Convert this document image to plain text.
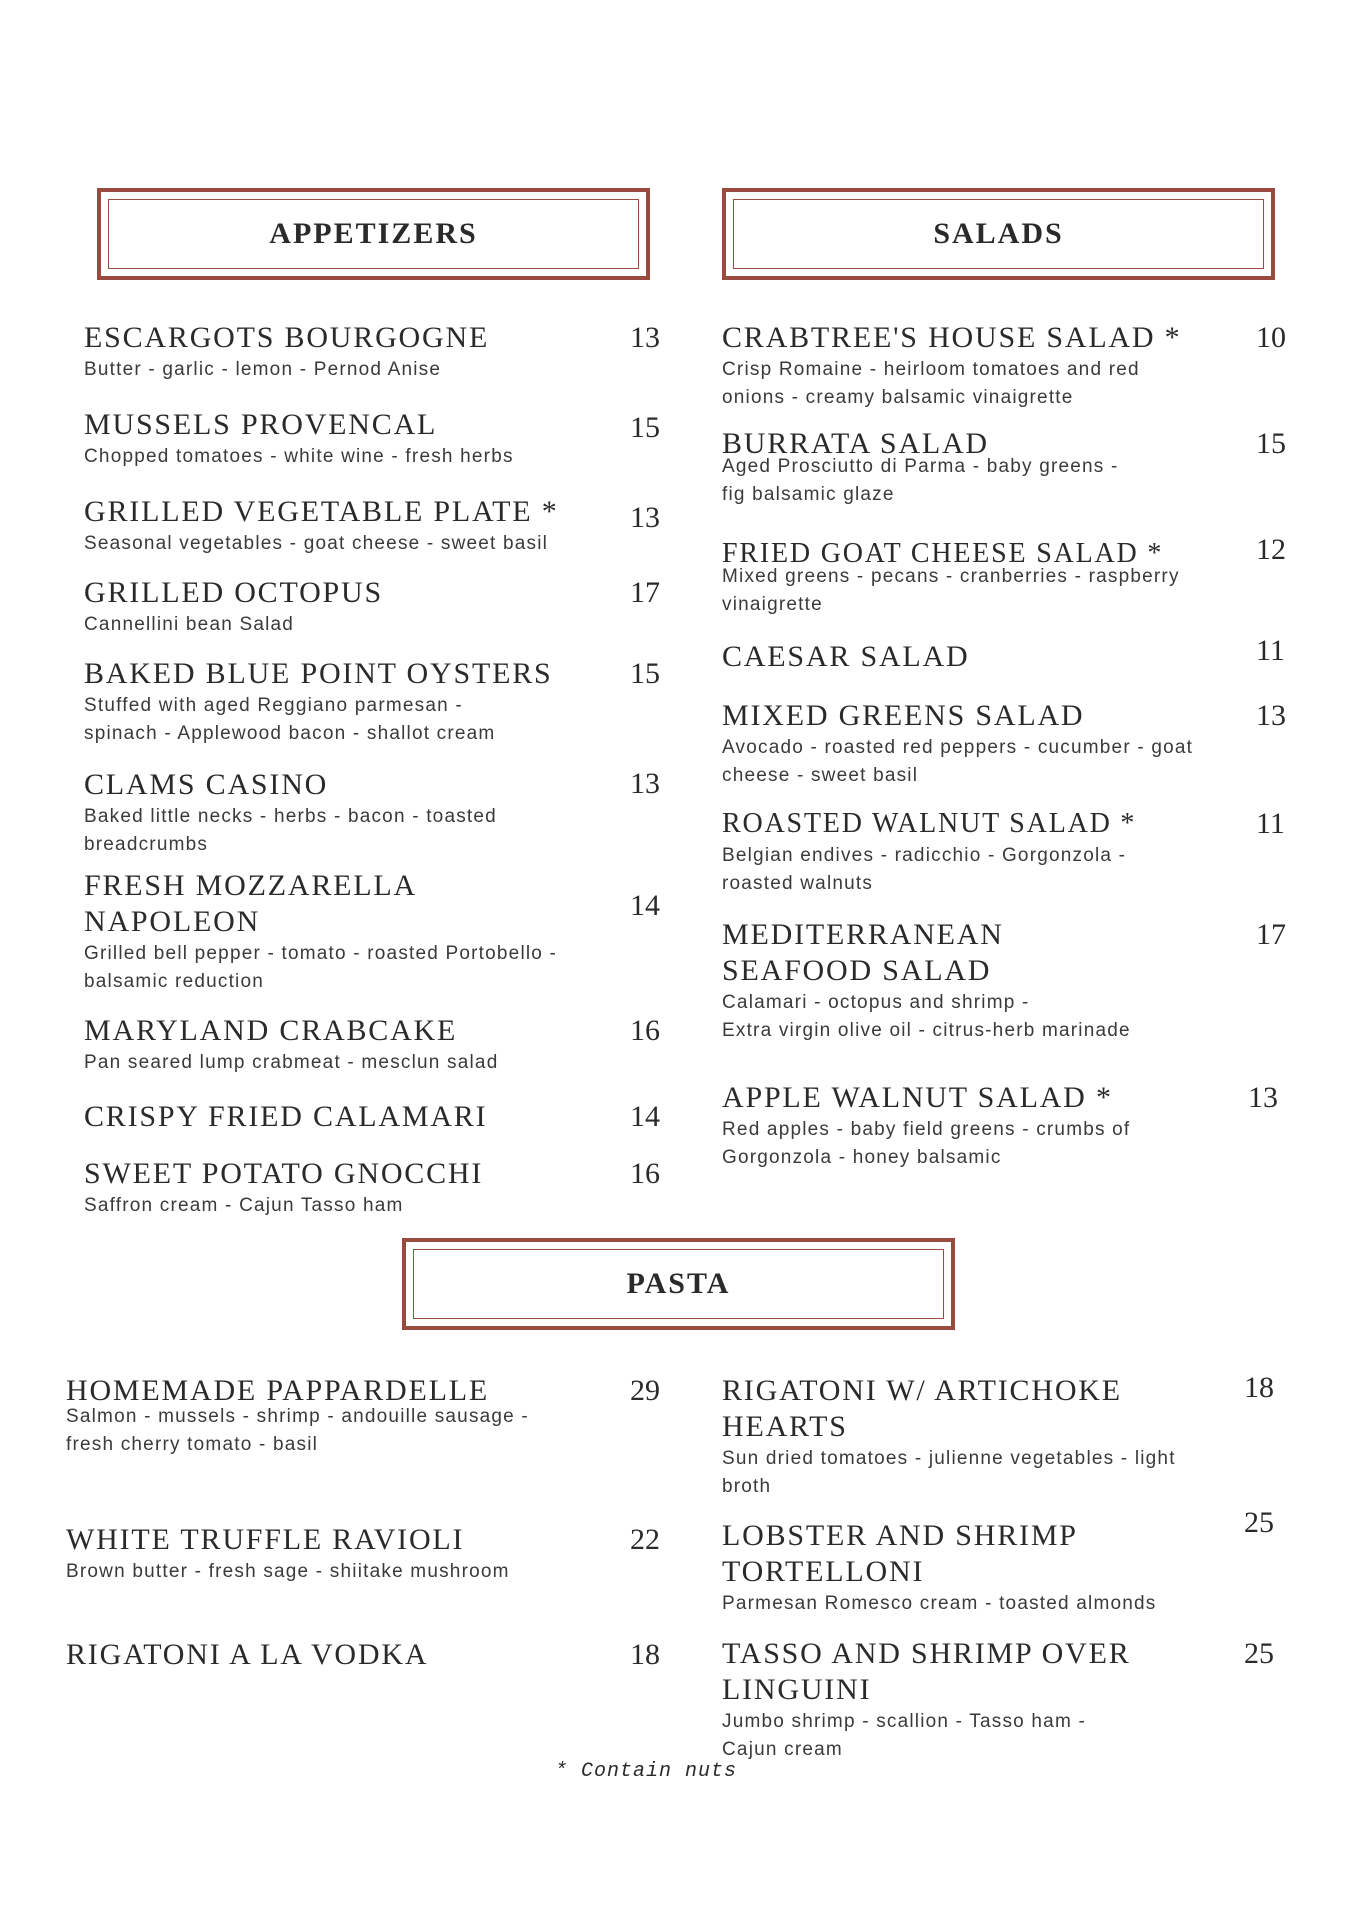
APPETIZERS	SALADS
PASTA
ESCARGOTS BOURGOGNE
Butter - garlic - lemon - Pernod Anise
13
MUSSELS PROVENCAL
Chopped tomatoes - white wine - fresh herbs
15
GRILLED VEGETABLE PLATE *
Seasonal vegetables - goat cheese - sweet basil
13
GRILLED OCTOPUS
Cannellini bean Salad
17
BAKED BLUE POINT OYSTERS
Stuffed with aged Reggiano parmesan -
spinach - Applewood bacon - shallot cream
15
CLAMS CASINO
Baked little necks - herbs - bacon - toasted
breadcrumbs
13
FRESH MOZZARELLA
NAPOLEON
Grilled bell pepper - tomato - roasted Portobello -
balsamic reduction
14
MARYLAND CRABCAKE
Pan seared lump crabmeat - mesclun salad
16
CRISPY FRIED CALAMARI	14
SWEET POTATO GNOCCHI
Saffron cream - Cajun Tasso ham
16
CRABTREE'S HOUSE SALAD *
Crisp Romaine - heirloom tomatoes and red
onions - creamy balsamic vinaigrette
10
BURRATA SALAD
Aged Prosciutto di Parma - baby greens -
fig balsamic glaze
15
FRIED GOAT CHEESE SALAD *
Mixed greens - pecans - cranberries - raspberry
vinaigrette
12
CAESAR SALAD	11
MIXED GREENS SALAD
Avocado - roasted red peppers - cucumber - goat
cheese - sweet basil
13
ROASTED WALNUT SALAD *
Belgian endives - radicchio - Gorgonzola -
roasted walnuts
11
MEDITERRANEAN
SEAFOOD SALAD
Calamari - octopus and shrimp -
Extra virgin olive oil - citrus-herb marinade
17
APPLE WALNUT SALAD *
Red apples - baby field greens - crumbs of
Gorgonzola - honey balsamic
13
HOMEMADE PAPPARDELLE
Salmon - mussels - shrimp - andouille sausage -
fresh cherry tomato - basil
29
WHITE TRUFFLE RAVIOLI
Brown butter - fresh sage - shiitake mushroom
22
RIGATONI A LA VODKA	18
RIGATONI W/ ARTICHOKE
HEARTS
Sun dried tomatoes - julienne vegetables - light
broth
18
LOBSTER AND SHRIMP
TORTELLONI
Parmesan Romesco cream - toasted almonds
25
TASSO AND SHRIMP OVER
LINGUINI
Jumbo shrimp - scallion - Tasso ham -
Cajun cream
25
* Contain nuts
